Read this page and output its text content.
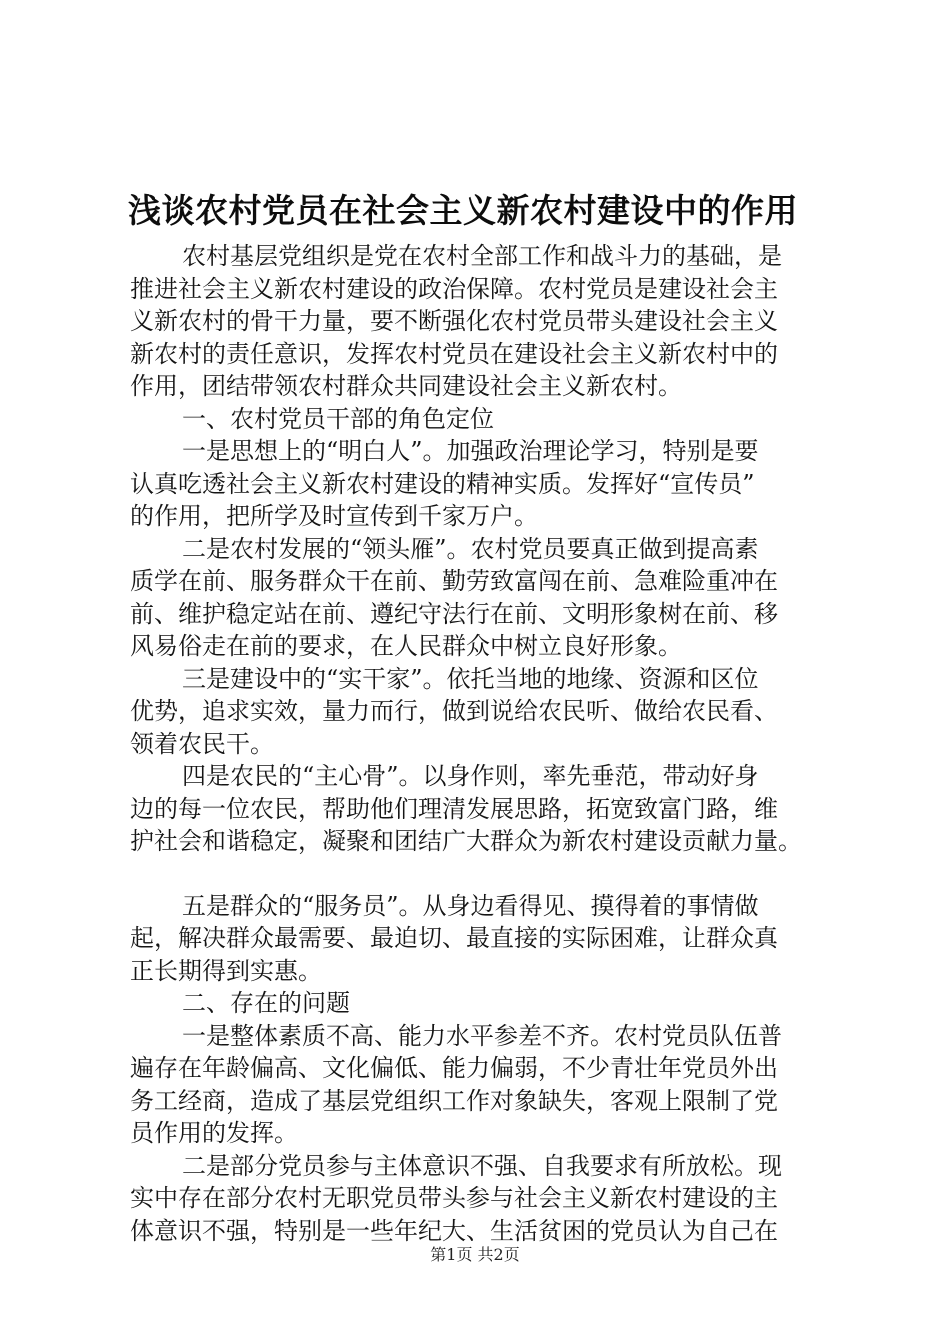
浅谈农村党员在社会主义新农村建设中的作用

农村基层党组织是党在农村全部工作和战斗力的基础，是
推进社会主义新农村建设的政治保障。农村党员是建设社会主
义新农村的骨干力量，要不断强化农村党员带头建设社会主义
新农村的责任意识，发挥农村党员在建设社会主义新农村中的
作用，团结带领农村群众共同建设社会主义新农村。

一、农村党员干部的角色定位

一是思想上的“明白人”。加强政治理论学习，特别是要
认真吃透社会主义新农村建设的精神实质。发挥好“宣传员”
的作用，把所学及时宣传到千家万户。

二是农村发展的“领头雁”。农村党员要真正做到提高素
质学在前、服务群众干在前、勤劳致富闯在前、急难险重冲在
前、维护稳定站在前、遵纪守法行在前、文明形象树在前、移
风易俗走在前的要求，在人民群众中树立良好形象。

三是建设中的“实干家”。依托当地的地缘、资源和区位
优势，追求实效，量力而行，做到说给农民听、做给农民看、
领着农民干。

四是农民的“主心骨”。以身作则，率先垂范，带动好身
边的每一位农民，帮助他们理清发展思路，拓宽致富门路，维
护社会和谐稳定，凝聚和团结广大群众为新农村建设贡献力量。

五是群众的“服务员”。从身边看得见、摸得着的事情做
起，解决群众最需要、最迫切、最直接的实际困难，让群众真
正长期得到实惠。

二、存在的问题

一是整体素质不高、能力水平参差不齐。农村党员队伍普
遍存在年龄偏高、文化偏低、能力偏弱，不少青壮年党员外出
务工经商，造成了基层党组织工作对象缺失，客观上限制了党
员作用的发挥。

二是部分党员参与主体意识不强、自我要求有所放松。现
实中存在部分农村无职党员带头参与社会主义新农村建设的主
体意识不强，特别是一些年纪大、生活贫困的党员认为自己在

第1页 共2页
